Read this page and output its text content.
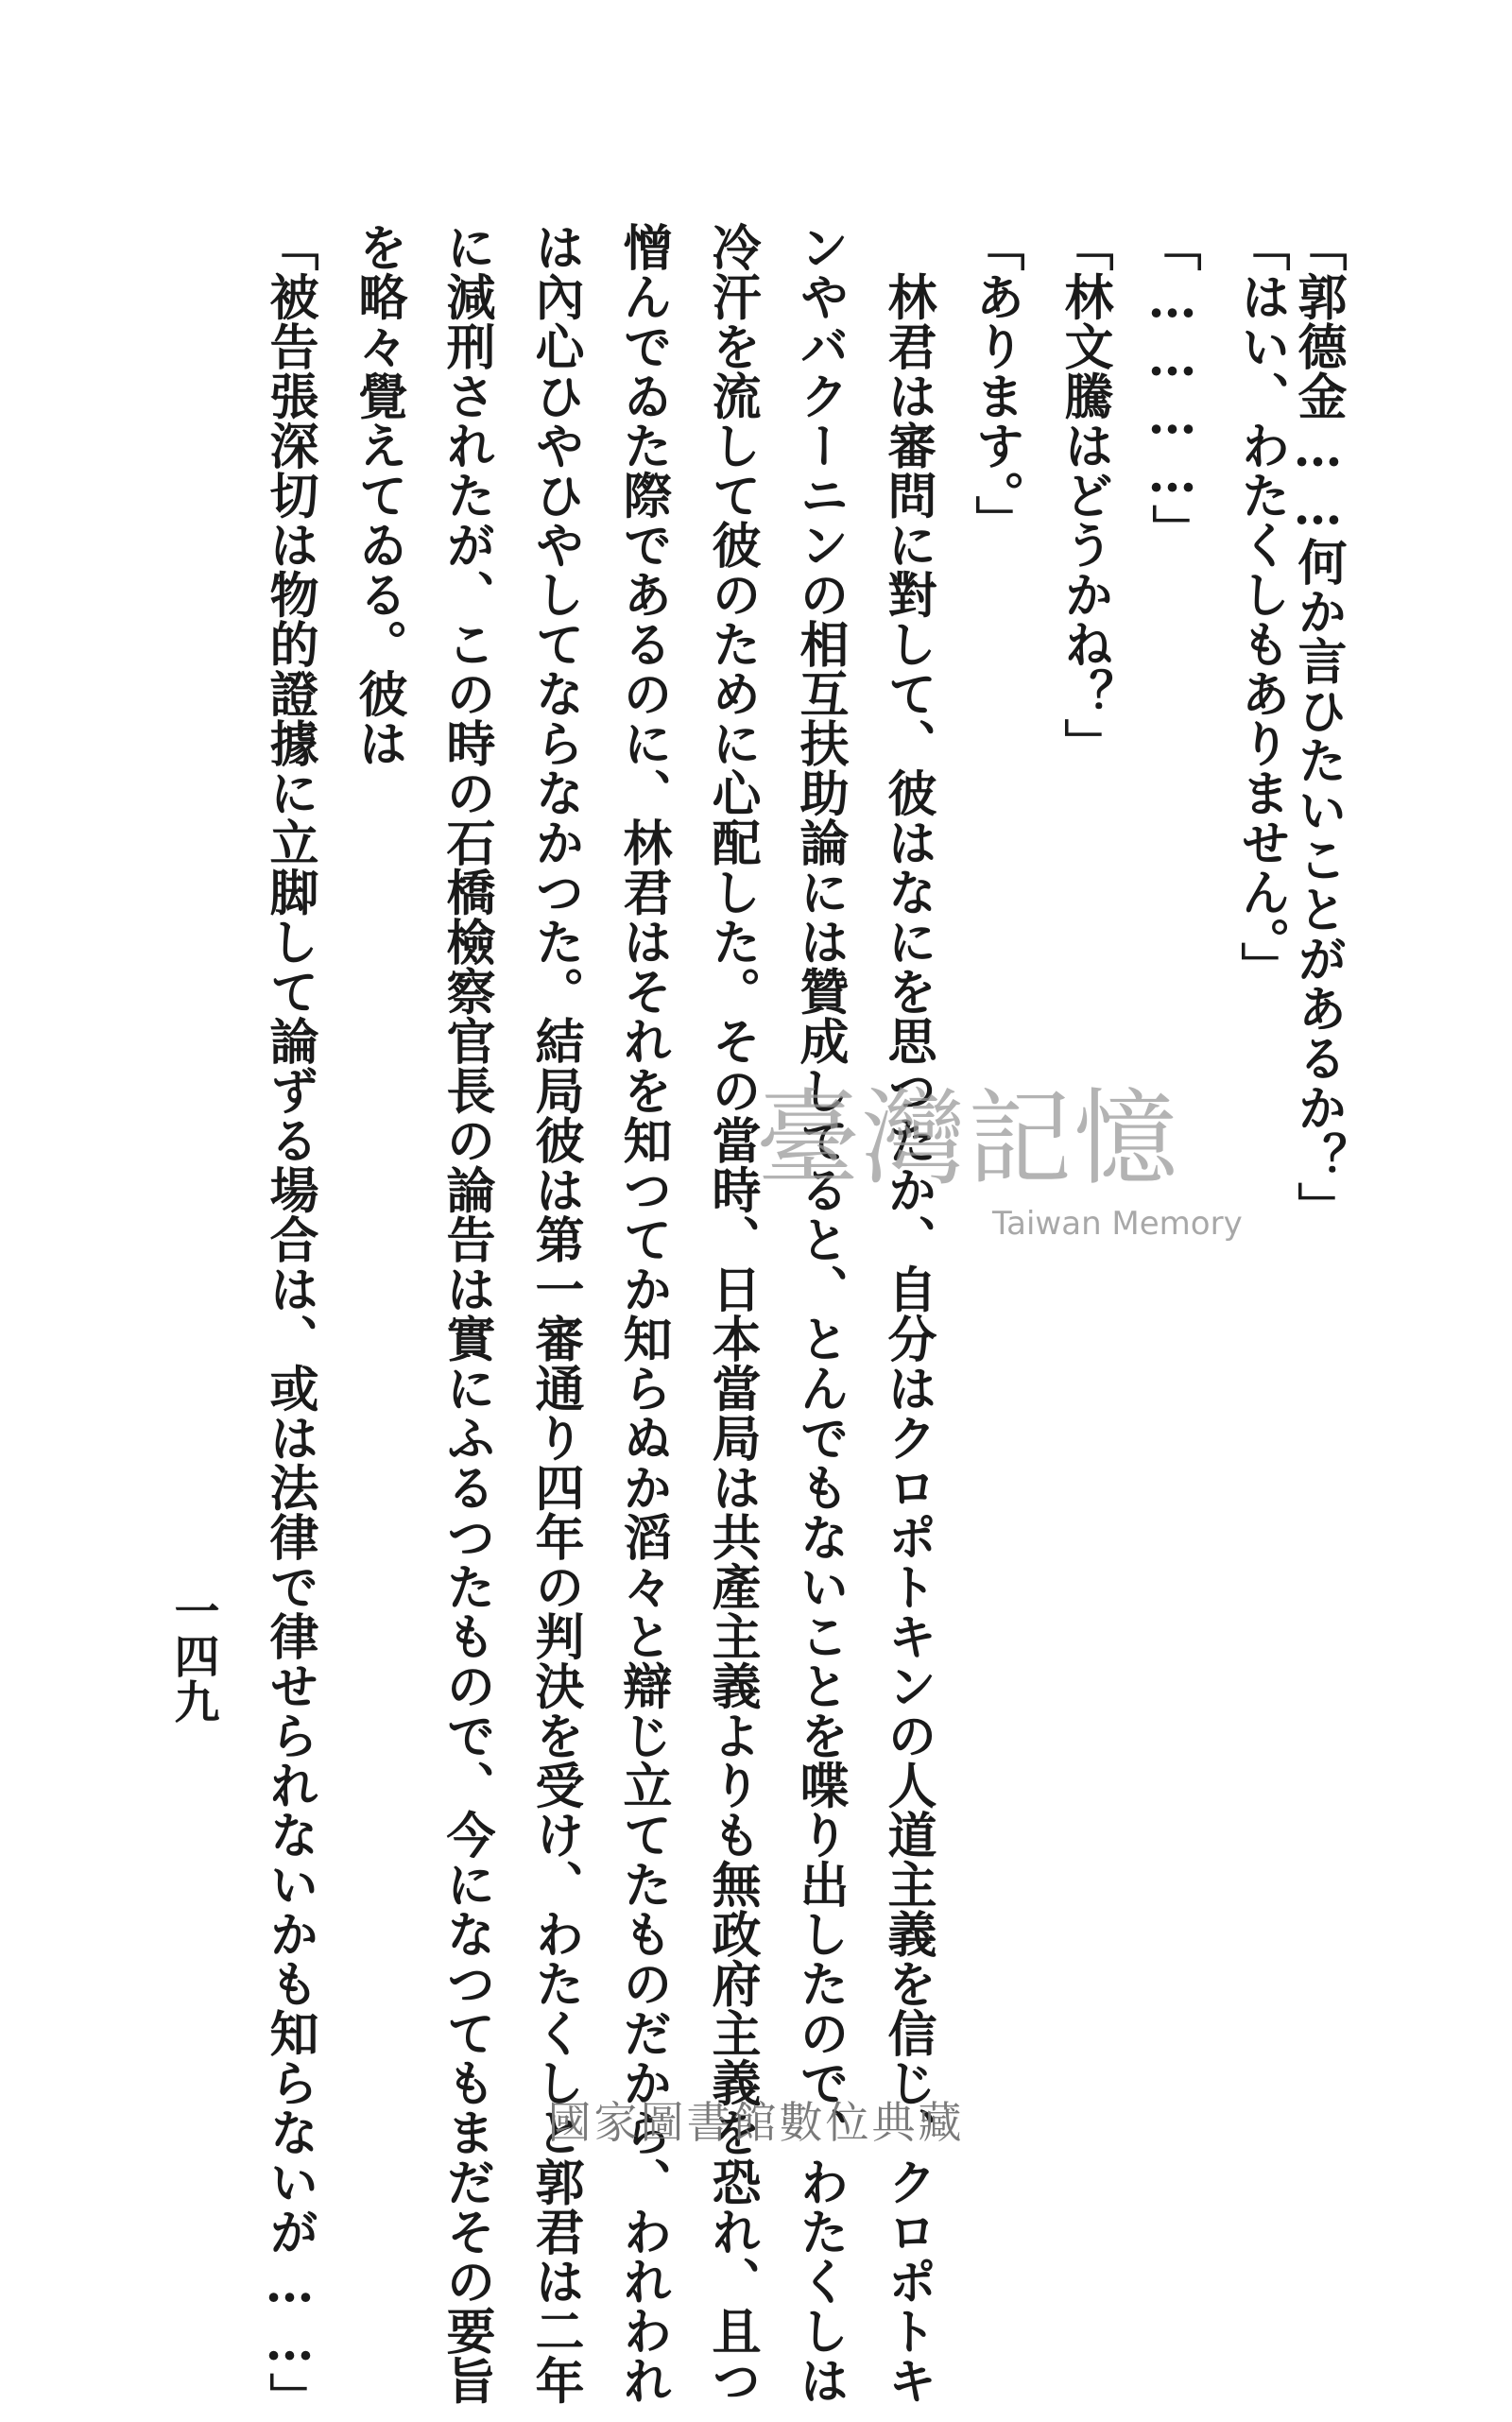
「郭德金……何か言ひたいことがあるか？」
「はい、わたくしもありません。」
「…………」
「林文騰はどうかね？」
「あります。」
　林君は審問に對して、彼はなにを思つたか、自分はクロポトキンの人道主義を信じ、クロポトキ
ンやバクーニンの相互扶助論には贊成してると、とんでもないことを喋り出したので、わたくしは
冷汗を流して彼のために心配した。その當時、日本當局は共產主義よりも無政府主義を恐れ、且つ
憎んでゐた際であるのに、林君はそれを知つてか知らぬか滔々と辯じ立てたものだから、われわれ
は內心ひやひやしてならなかつた。結局彼は第一審通り四年の判決を受け、わたくしと郭君は二年
に減刑されたが、この時の石橋檢察官長の論告は實にふるつたもので、今になつてもまだその要旨
を略々覺えてゐる。彼は
「被告張深切は物的證據に立脚して論ずる場合は、或は法律で律せられないかも知らないが……」
一四九
臺灣記憶
Taiwan Memory
國家圖書館數位典藏
